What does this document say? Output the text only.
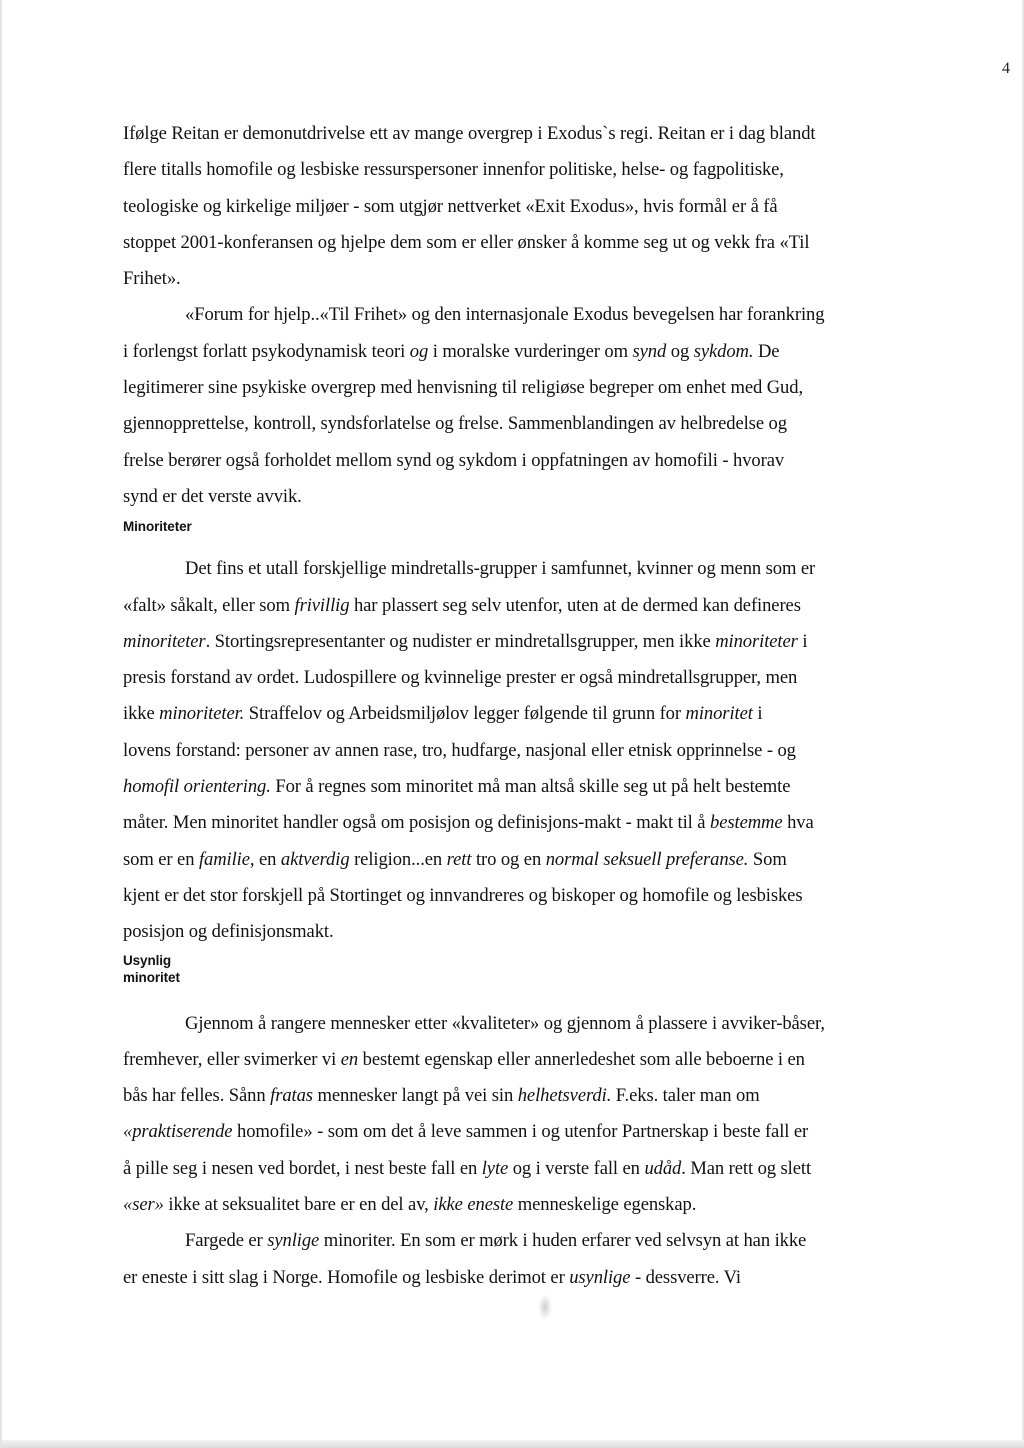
4
Ifølge Reitan er demonutdrivelse ett av mange overgrep i Exodus`s regi. Reitan er i dag blandt
flere titalls homofile og lesbiske ressurspersoner innenfor politiske, helse- og fagpolitiske,
teologiske og kirkelige miljøer - som utgjør nettverket «Exit Exodus», hvis formål er å få
stoppet 2001-konferansen og hjelpe dem som er eller ønsker å komme seg ut og vekk fra «Til
Frihet».
«Forum for hjelp..«Til Frihet» og den internasjonale Exodus bevegelsen har forankring
i forlengst forlatt psykodynamisk teori og i moralske vurderinger om synd og sykdom. De
legitimerer sine psykiske overgrep med henvisning til religiøse begreper om enhet med Gud,
gjennopprettelse, kontroll, syndsforlatelse og frelse. Sammenblandingen av helbredelse og
frelse berører også forholdet mellom synd og sykdom i oppfatningen av homofili - hvorav
synd er det verste avvik.
Minoriteter
Det fins et utall forskjellige mindretalls-grupper i samfunnet, kvinner og menn som er
«falt» såkalt, eller som frivillig har plassert seg selv utenfor, uten at de dermed kan defineres
minoriteter. Stortingsrepresentanter og nudister er mindretallsgrupper, men ikke minoriteter i
presis forstand av ordet. Ludospillere og kvinnelige prester er også mindretallsgrupper, men
ikke minoriteter. Straffelov og Arbeidsmiljølov legger følgende til grunn for minoritet i
lovens forstand: personer av annen rase, tro, hudfarge, nasjonal eller etnisk opprinnelse - og
homofil orientering. For å regnes som minoritet må man altså skille seg ut på helt bestemte
måter. Men minoritet handler også om posisjon og definisjons-makt - makt til å bestemme hva
som er en familie, en aktverdig religion...en rett tro og en normal seksuell preferanse. Som
kjent er det stor forskjell på Stortinget og innvandreres og biskoper og homofile og lesbiskes
posisjon og definisjonsmakt.
Usynlig
minoritet
Gjennom å rangere mennesker etter «kvaliteter» og gjennom å plassere i avviker-båser,
fremhever, eller svimerker vi en bestemt egenskap eller annerledeshet som alle beboerne i en
bås har felles. Sånn fratas mennesker langt på vei sin helhetsverdi. F.eks. taler man om
«praktiserende homofile» - som om det å leve sammen i og utenfor Partnerskap i beste fall er
å pille seg i nesen ved bordet, i nest beste fall en lyte og i verste fall en udåd. Man rett og slett
«ser» ikke at seksualitet bare er en del av, ikke eneste menneskelige egenskap.
Fargede er synlige minoriter. En som er mørk i huden erfarer ved selvsyn at han ikke
er eneste i sitt slag i Norge. Homofile og lesbiske derimot er usynlige - dessverre. Vi
